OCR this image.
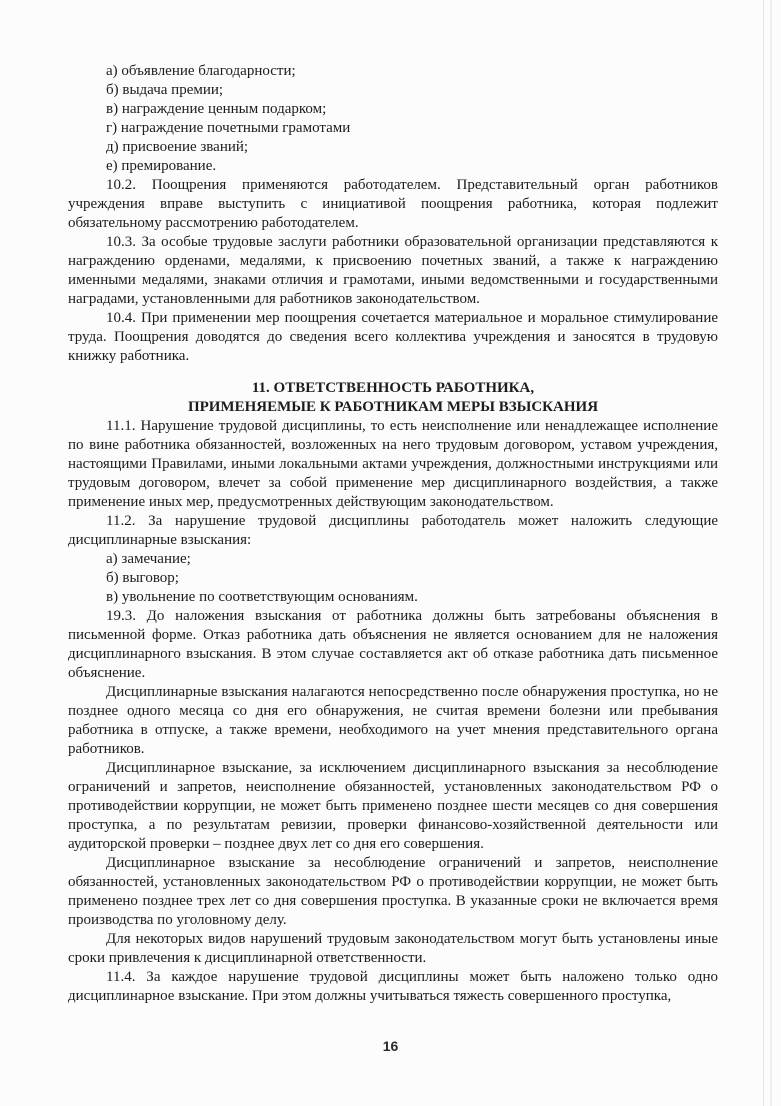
а) объявление благодарности;

б) выдача премии;

в) награждение ценным подарком;

г) награждение почетными грамотами

д) присвоение званий;

е) премирование.

10.2. Поощрения применяются работодателем. Представительный орган работников учреждения вправе выступить с инициативой поощрения работника, которая подлежит обязательному рассмотрению работодателем.

10.3. За особые трудовые заслуги работники образовательной организации представляются к награждению орденами, медалями, к присвоению почетных званий, а также к награждению именными медалями, знаками отличия и грамотами, иными ведомственными и государственными наградами, установленными для работников законодательством.

10.4. При применении мер поощрения сочетается материальное и моральное стимулирование труда. Поощрения доводятся до сведения всего коллектива учреждения и заносятся в трудовую книжку работника.

11. ОТВЕТСТВЕННОСТЬ РАБОТНИКА,
ПРИМЕНЯЕМЫЕ К РАБОТНИКАМ МЕРЫ ВЗЫСКАНИЯ

11.1. Нарушение трудовой дисциплины, то есть неисполнение или ненадлежащее исполнение по вине работника обязанностей, возложенных на него трудовым договором, уставом учреждения, настоящими Правилами, иными локальными актами учреждения, должностными инструкциями или трудовым договором, влечет за собой применение мер дисциплинарного воздействия, а также применение иных мер, предусмотренных действующим законодательством.

11.2. За нарушение трудовой дисциплины работодатель может наложить следующие дисциплинарные взыскания:

а) замечание;

б) выговор;

в) увольнение по соответствующим основаниям.

19.3. До наложения взыскания от работника должны быть затребованы объяснения в письменной форме. Отказ работника дать объяснения не является основанием для не наложения дисциплинарного взыскания. В этом случае составляется акт об отказе работника дать письменное объяснение.

Дисциплинарные взыскания налагаются непосредственно после обнаружения проступка, но не позднее одного месяца со дня его обнаружения, не считая времени болезни или пребывания работника в отпуске, а также времени, необходимого на учет мнения представительного органа работников.

Дисциплинарное взыскание, за исключением дисциплинарного взыскания за несоблюдение ограничений и запретов, неисполнение обязанностей, установленных законодательством РФ о противодействии коррупции, не может быть применено позднее шести месяцев со дня совершения проступка, а по результатам ревизии, проверки финансово-хозяйственной деятельности или аудиторской проверки – позднее двух лет со дня его совершения.

Дисциплинарное взыскание за несоблюдение ограничений и запретов, неисполнение обязанностей, установленных законодательством РФ о противодействии коррупции, не может быть применено позднее трех лет со дня совершения проступка. В указанные сроки не включается время производства по уголовному делу.

Для некоторых видов нарушений трудовым законодательством могут быть установлены иные сроки привлечения к дисциплинарной ответственности.

11.4. За каждое нарушение трудовой дисциплины может быть наложено только одно дисциплинарное взыскание. При этом должны учитываться тяжесть совершенного проступка,

16
